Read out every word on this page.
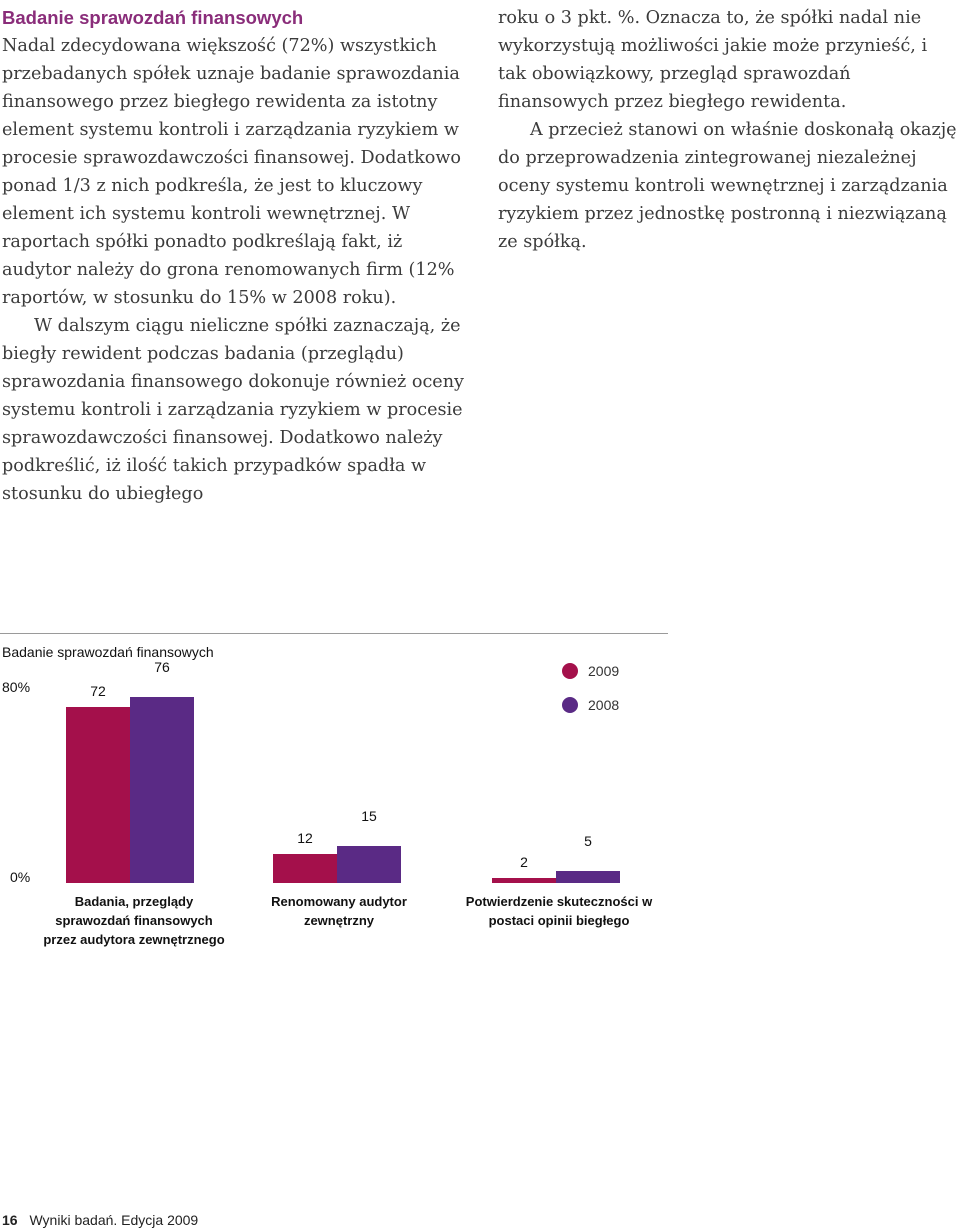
Badanie sprawozdań finansowych

Nadal zdecydowana większość (72%) wszystkich przebadanych spółek uznaje badanie sprawozdania finansowego przez biegłego rewidenta za istotny element systemu kontroli i zarządzania ryzykiem w procesie sprawozdawczości finansowej. Dodatkowo ponad 1/3 z nich podkreśla, że jest to kluczowy element ich systemu kontroli wewnętrznej. W raportach spółki ponadto podkreślają fakt, iż audytor należy do grona renomowanych firm (12% raportów, w stosunku do 15% w 2008 roku).

W dalszym ciągu nieliczne spółki zaznaczają, że biegły rewident podczas badania (przeglądu) sprawozdania finansowego dokonuje również oceny systemu kontroli i zarządzania ryzykiem w procesie sprawozdawczości finansowej. Dodatkowo należy podkreślić, iż ilość takich przypadków spadła w stosunku do ubiegłego

roku o 3 pkt. %. Oznacza to, że spółki nadal nie wykorzystują możliwości jakie może przynieść, i tak obowiązkowy, przegląd sprawozdań finansowych przez biegłego rewidenta.

A przecież stanowi on właśnie doskonałą okazję do przeprowadzenia zintegrowanej niezależnej oceny systemu kontroli wewnętrznej i zarządzania ryzykiem przez jednostkę postronną i niezwiązaną ze spółką.

Badanie sprawozdań finansowych
80%
0%
2009
2008
Badania, przeglądy sprawozdań finansowych przez audytora zewnętrznego
Renomowany audytor zewnętrzny
Potwierdzenie skuteczności w postaci opinii biegłego
72
12
2
76
15
5
16 Wyniki badań. Edycja 2009
